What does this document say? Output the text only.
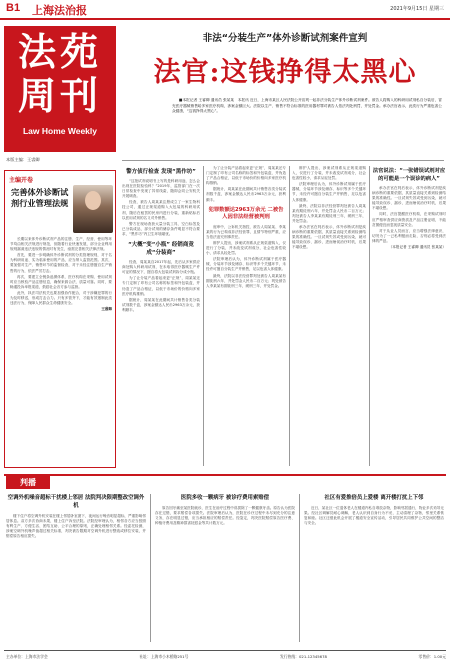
B1 上海法治报	2021年9月15日 星期三
法苑
周刊
Law Home Weekly
本版主编：王睿卿
非法“分装生产”体外诊断试剂案件宣判
法官:这钱挣得太黑心

■本报记者 王睿卿 通讯员 张某某　本报讯 近日，上海市某区人民法院公开宣判一起非法分装生产体外诊断试剂案件。被告人将购入的科研用试剂私自分装后，冒充医疗器械销售给多家医疗机构，涉案金额巨大。法院以生产、销售不符合标准的医用器材罪对被告人依法判处刑罚，并处罚金。承办法官表示，此类行为严重危害公众健康，“这钱挣得太黑心”。

主编开卷
完善体外诊断试剂行业管理法规

长期以来体外诊断试剂产品的注册、生产、经营、使用等环节均由相关法规进行规范，但随着行业快速发展，部分企业利用规则漏洞违法违规的情况时有发生，亟需完善相关法律法规。

首先，要进一步明确体外诊断试剂的分类管理规则，对于名为科研用途、实为临床使用的产品，应当纳入监管范围。其次，要加强对生产、销售环节的监督检查，对于未经注册擅自生产销售的行为，依法严厉打击。

再次，要建立全链条追溯体系，医疗机构在采购、使用试剂时应当核验产品注册信息，确保来源合法、质量可靠。同时，要畅通投诉举报渠道，鼓励社会各方参与监督。

此外，执法司法机关也要加强协作配合，对于涉嫌犯罪的行为及时移送，形成打击合力。只有多管齐下，才能有效遏制此类违法行为，保障人民群众生命健康安全。

王睿卿

警方侦行检查 发现“黑作坊”

“这批试剂说明书上写的是科研用途，怎么会出现在医院检验科？”2019年，监管部门在一次日常检查中发现了异常线索，随即会同公安机关开展调查。

经查，被告人周某某注册成立了一家生物科技公司，通过正规渠道购入大包装的科研用试剂，随后在租赁的民房内进行分装，重新贴标后以医用试剂的名义对外销售。

警方在现场查获大量分装工具、空白标签及已分装成品，部分试剂的储存条件明显不符合要求，“黑作坊”内卫生环境堪忧。

“大概”变“小瓶” 经销商竟成“分装商”

经查，周某某自2017年起，先后从多家供应商处购入科研用试剂，在未取得医疗器械生产许可证的情况下，擅自将大包装试剂拆分成小瓶。

为了让分装产品看起来更“正规”，周某某还专门定制了印有公司名称的标签和外包装盒，并伪造了产品合格证，以低于市场价的价格向多家医疗机构推销。

据统计，周某某在此期间共计销售各类分装试剂数千盒，涉案金额达人民币2963万余元，获利颇丰。

为了让分装产品看起来更“正规”，周某某还专门定制了印有公司名称的标签和外包装盒，并伪造了产品合格证，以低于市场价的价格向多家医疗机构推销。

据统计，周某某在此期间共计销售各类分装试剂数千盒，涉案金额达人民币2963万余元，获利颇丰。

犯罪数额达2963万余元 二被告人因非法经营被判刑

庭审中，公诉机关指控，被告人周某某、李某某的行为已构成非法经营罪，且情节特别严重，应当依法追究刑事责任。

辩护人提出，涉案试剂系从正规渠道购入，仅进行了分装，并未改变试剂成分，社会危害性较小，请求从轻处罚。

法院审理后认为，体外诊断试剂属于医疗器械，分装环节涉及储存、标识等多个关键环节，未经许可擅自分装生产并销售，足以危害人体健康。

最终，法院以非法经营罪判处被告人周某某有期徒刑六年，并处罚金人民币二百万元；判处被告人李某某有期徒刑三年，缓刑三年，并处罚金。

辩护人提出，涉案试剂系从正规渠道购入，仅进行了分装，并未改变试剂成分，社会危害性较小，请求从轻处罚。

法院审理后认为，体外诊断试剂属于医疗器械，分装环节涉及储存、标识等多个关键环节，未经许可擅自分装生产并销售，足以危害人体健康。

最终，法院以非法经营罪判处被告人周某某有期徒刑六年，并处罚金人民币二百万元；判处被告人李某某有期徒刑三年，缓刑三年，并处罚金。

承办法官在判后表示，体外诊断试剂是疾病诊断的重要依据，其质量直接关系到检测结果的准确性。一旦试剂失效或受到污染，就可能导致误诊、漏诊，进而贻误治疗时机，后果不堪设想。

法官说法：“一张错误试剂对应的可能是一个误诊的病人”

承办法官在判后表示，体外诊断试剂是疾病诊断的重要依据，其质量直接关系到检测结果的准确性。一旦试剂失效或受到污染，就可能导致误诊、漏诊，进而贻误治疗时机，后果不堪设想。

同时，法官提醒医疗机构，在采购试剂时应严格审查供应商资质及产品注册证明，不能贪图便宜而忽视质量安全。

对于从业人员而言，应当增强法律意识，切勿为了一己私利铤而走险，否则必将受到法律的严惩。

（本报记者 王睿卿 通讯员 张某某）

判播
空调外机噪音超标干扰楼上邻居 法院判决限期整改空调外机

楼下住户将空调外机安装在楼上邻居卧室窗下，夜间运行噪音明显超标，严重影响邻居休息。双方多次协商未果，楼上住户诉至法院。法院经审理认为，相邻各方应当按照有利生产、方便生活、团结互助、公平合理的原则，正确处理相邻关系。经委托检测，涉案空调外机噪声值超过相关标准，判决被告限期对空调外机进行整改或移位安装，并赔偿原告相应损失。

医院多收一颗病牙 被诊疗费用索赔偿

原告因牙痛至某医院就诊，医生在治疗过程中误拔除了一颗健康牙齿。原告认为医院存在过错，要求赔偿各项损失。法院审理后认为，医院在诊疗过程中未尽到充分的注意义务，存在明显过错，应当承担相应的赔偿责任。经鉴定，判决医院赔偿原告医疗费、种植牙费用及精神损害抚慰金等共计数万元。

社区有爱推倍员上爱楼 离开楼打扰上下邻

近日，某社区一位退休老人在楼道内私自堆放杂物，影响邻居通行，物业多次劝导无果。经社区调解员耐心调解，老人认识到自身行为不妥，主动清理了杂物，邻里关系恢复和睦。社区还借此机会开展了楼道安全宣传活动，引导居民共同维护公共空间的整洁与安全。

主办单位：上海市法学会	社址：上海市小木桥路251号	发行热线：021-12345678	零售价：1.00元
